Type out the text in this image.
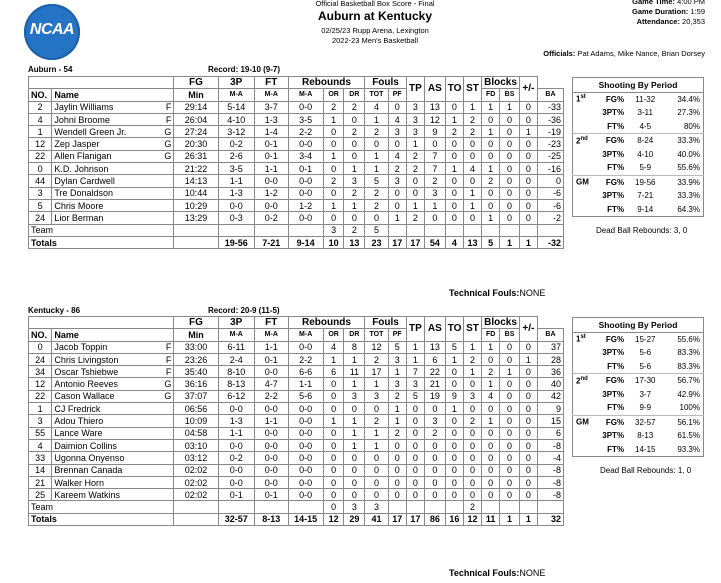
NCAA
Official Basketball Box Score - Final
Auburn at Kentucky
02/25/23 Rupp Arena, Lexington
2022-23 Men's Basketball
Game Time: 4:00 PM
Game Duration: 1:59
Attendance: 20,353
Officials: Pat Adams, Mike Nance, Brian Dorsey
Auburn - 54	Record: 19-10 (9-7)
			FG	3P	FT	Rebounds			Fouls		TP	AS	TO	ST	Blocks		+/-	
NO.	Name		Min	M-A	M-A	M-A	OR	DR	TOT	PF					FD	BS		BA
2	Jaylin Williams	F	29:14	5-14	3-7	0-0	2	2	4	0	3	13	0	1	1	1	0	-33
4	Johni Broome	F	26:04	4-10	1-3	3-5	1	0	1	4	3	12	1	2	0	0	0	-36
1	Wendell Green Jr.	G	27:24	3-12	1-4	2-2	0	2	2	3	3	9	2	2	1	0	1	-19
12	Zep Jasper	G	20:30	0-2	0-1	0-0	0	0	0	0	1	0	0	0	0	0	0	-23
22	Allen Flanigan	G	26:31	2-6	0-1	3-4	1	0	1	4	2	7	0	0	0	0	0	-25
0	K.D. Johnson		21:22	3-5	1-1	0-1	0	1	1	2	2	7	1	4	1	0	0	-16
44	Dylan Cardwell		14:13	1-1	0-0	0-0	2	3	5	3	0	2	0	0	2	0	0	0
3	Tre Donaldson		10:44	1-3	1-2	0-0	0	2	2	0	0	3	0	1	0	0	0	-6
5	Chris Moore		10:29	0-0	0-0	1-2	1	1	2	0	1	1	0	1	0	0	0	-6
24	Lior Berman		13:29	0-3	0-2	0-0	0	0	0	1	2	0	0	0	1	0	0	-2
Team							3	2	5									
Totals				19-56	7-21	9-14	10	13	23	17	17	54	4	13	5	1	1	-32
Technical Fouls:NONE
Shooting By Period			
1st	FG%	11-32	34.4%
	3PT%	3-11	27.3%
	FT%	4-5	80%
2nd	FG%	8-24	33.3%
	3PT%	4-10	40.0%
	FT%	5-9	55.6%
GM	FG%	19-56	33.9%
	3PT%	7-21	33.3%
	FT%	9-14	64.3%
Dead Ball Rebounds: 3, 0
Kentucky - 86	Record: 20-9 (11-5)
			FG	3P	FT	Rebounds			Fouls		TP	AS	TO	ST	Blocks		+/-	
NO.	Name		Min	M-A	M-A	M-A	OR	DR	TOT	PF					FD	BS		BA
0	Jacob Toppin	F	33:00	6-11	1-1	0-0	4	8	12	5	1	13	5	1	1	0	0	37
24	Chris Livingston	F	23:26	2-4	0-1	2-2	1	1	2	3	1	6	1	2	0	0	1	28
34	Oscar Tshiebwe	F	35:40	8-10	0-0	6-6	6	11	17	1	7	22	0	1	2	1	0	36
12	Antonio Reeves	G	36:16	8-13	4-7	1-1	0	1	1	3	3	21	0	0	1	0	0	40
22	Cason Wallace	G	37:07	6-12	2-2	5-6	0	3	3	2	5	19	9	3	4	0	0	42
1	CJ Fredrick		06:56	0-0	0-0	0-0	0	0	0	1	0	0	1	0	0	0	0	9
3	Adou Thiero		10:09	1-3	1-1	0-0	1	1	2	1	0	3	0	2	1	0	0	15
55	Lance Ware		04:58	1-1	0-0	0-0	0	1	1	2	0	2	0	0	0	0	0	6
4	Daimion Collins		03:10	0-0	0-0	0-0	0	1	1	0	0	0	0	0	0	0	0	-8
33	Ugonna Onyenso		03:12	0-2	0-0	0-0	0	0	0	0	0	0	0	0	0	0	0	-4
14	Brennan Canada		02:02	0-0	0-0	0-0	0	0	0	0	0	0	0	0	0	0	0	-8
21	Walker Horn		02:02	0-0	0-0	0-0	0	0	0	0	0	0	0	0	0	0	0	-8
25	Kareem Watkins		02:02	0-1	0-1	0-0	0	0	0	0	0	0	0	0	0	0	0	-8
Team							0	3	3					2				
Totals				32-57	8-13	14-15	12	29	41	17	17	86	16	12	11	1	1	32
Technical Fouls:NONE
Shooting By Period			
1st	FG%	15-27	55.6%
	3PT%	5-6	83.3%
	FT%	5-6	83.3%
2nd	FG%	17-30	56.7%
	3PT%	3-7	42.9%
	FT%	9-9	100%
GM	FG%	32-57	56.1%
	3PT%	8-13	61.5%
	FT%	14-15	93.3%
Dead Ball Rebounds: 1, 0
